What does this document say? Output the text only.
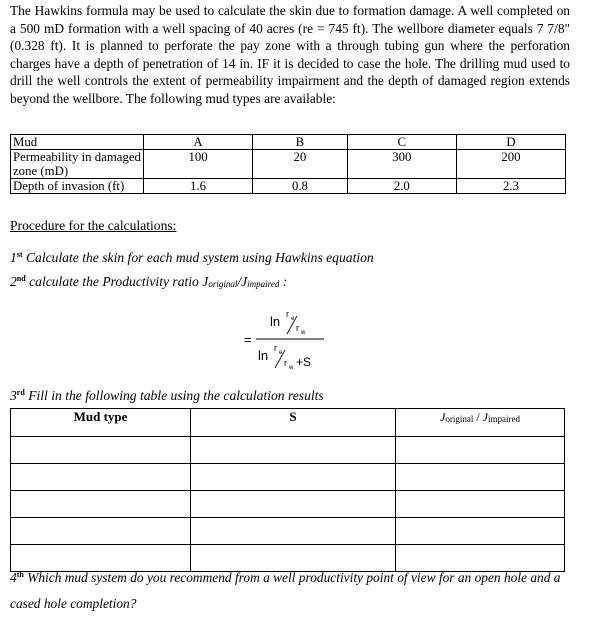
The Hawkins formula may be used to calculate the skin due to formation damage. A well completed on a 500 mD formation with a well spacing of 40 acres (re = 745 ft). The wellbore diameter equals 7 7/8" (0.328 ft). It is planned to perforate the pay zone with a through tubing gun where the perforation charges have a depth of penetration of 14 in. IF it is decided to case the hole. The drilling mud used to drill the well controls the extent of permeability impairment and the depth of damaged region extends beyond the wellbore. The following mud types are available:
Mud	A	B	C	D
Permeability in damaged zone (mD)	100	20	300	200
Depth of invasion (ft)	1.6	0.8	2.0	2.3
Procedure for the calculations:
1st Calculate the skin for each mud system using Hawkins equation
2nd calculate the Productivity ratio Joriginal/Jimpaired :
ln r e
r w
=
ln r e
r w +S
3rd Fill in the following table using the calculation results
Mud type	S	Joriginal / Jimpaired

4th Which mud system do you recommend from a well productivity point of view for an open hole and a cased hole completion?
